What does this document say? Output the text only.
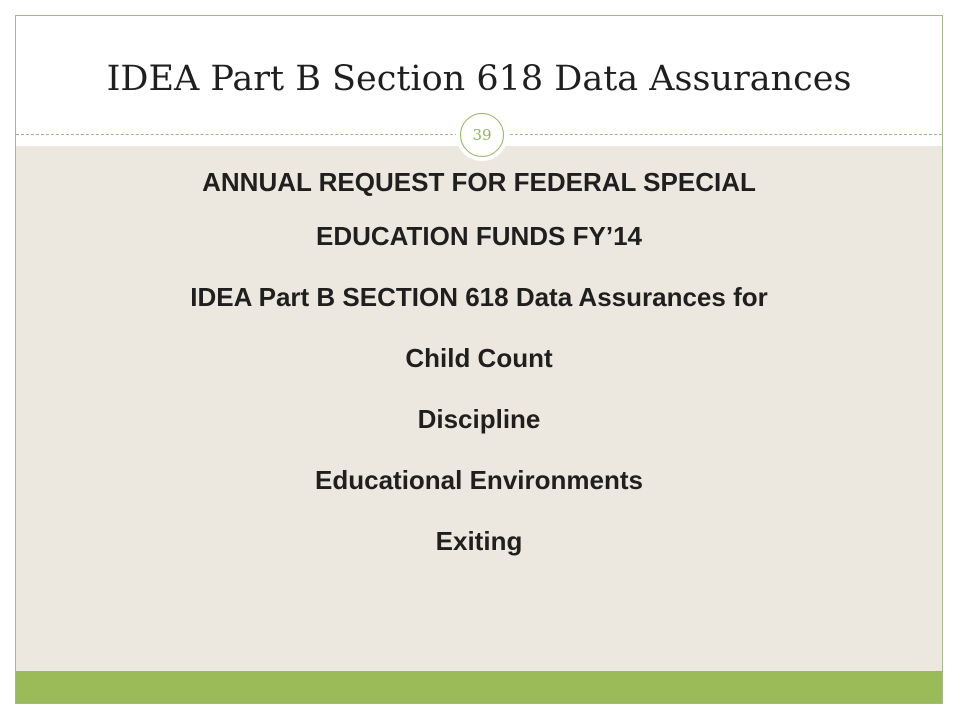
IDEA Part B Section 618 Data Assurances
39
ANNUAL REQUEST FOR FEDERAL SPECIAL
EDUCATION FUNDS FY’14
IDEA Part B SECTION 618 Data Assurances for
Child Count
Discipline
Educational Environments
Exiting
